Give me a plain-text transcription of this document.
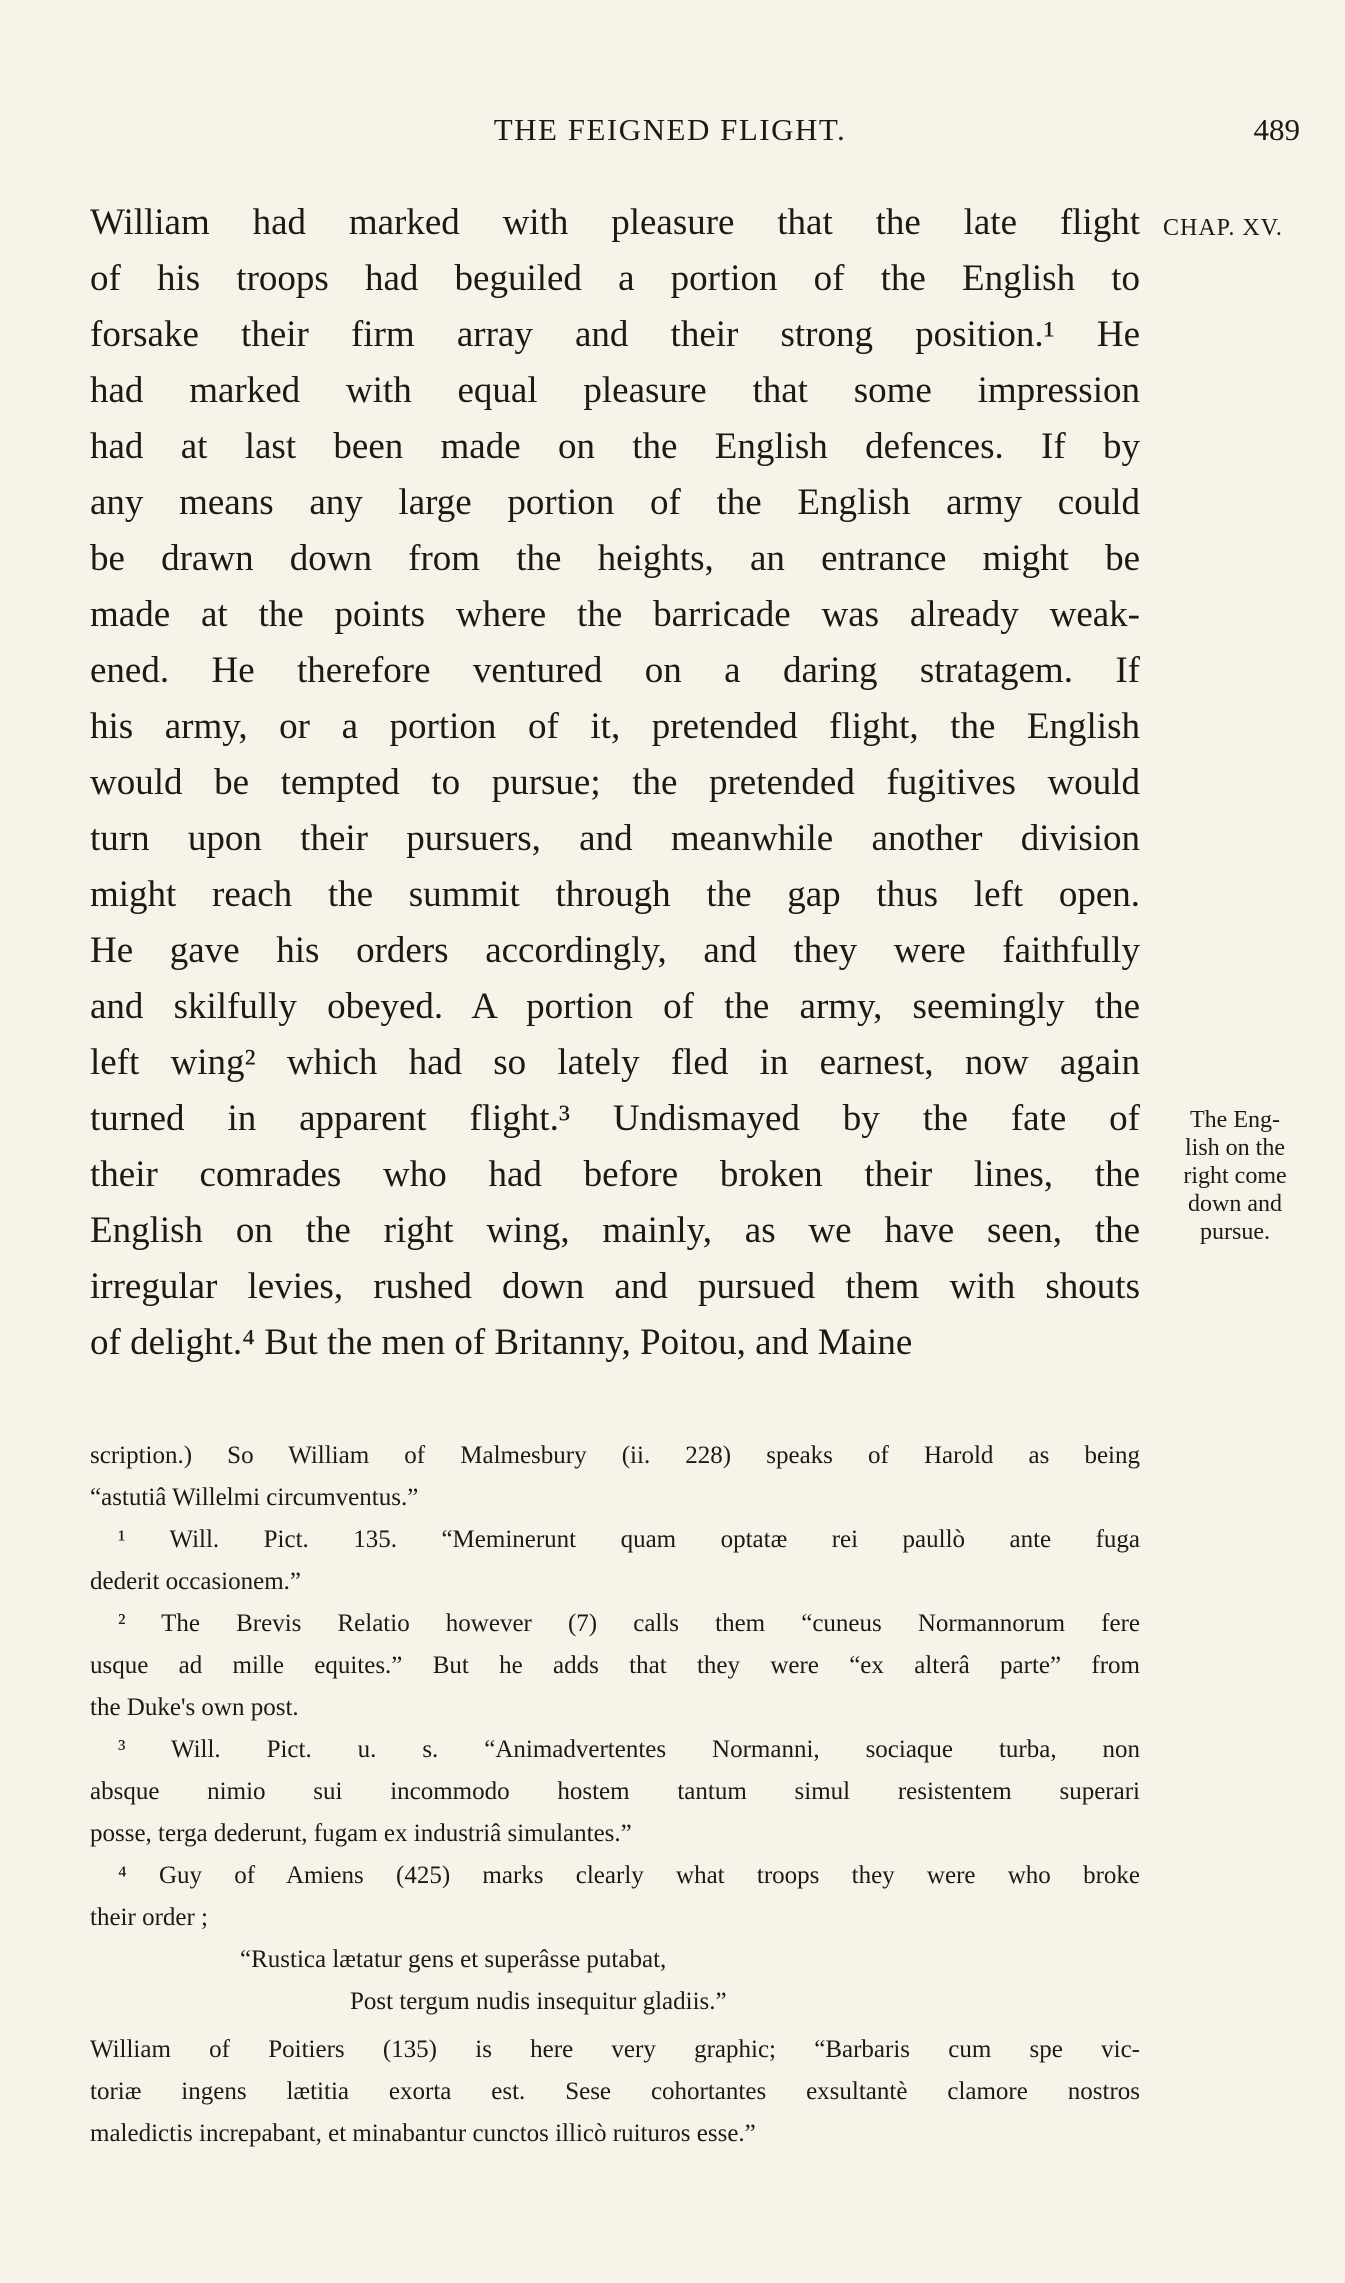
THE FEIGNED FLIGHT.	489
CHAP. XV.
The Eng-
lish on the
right come
down and
pursue.
William had marked with pleasure that the late flight
of his troops had beguiled a portion of the English to
forsake their firm array and their strong position.¹ He
had marked with equal pleasure that some impression
had at last been made on the English defences. If by
any means any large portion of the English army could
be drawn down from the heights, an entrance might be
made at the points where the barricade was already weak-
ened. He therefore ventured on a daring stratagem. If
his army, or a portion of it, pretended flight, the English
would be tempted to pursue; the pretended fugitives would
turn upon their pursuers, and meanwhile another division
might reach the summit through the gap thus left open.
He gave his orders accordingly, and they were faithfully
and skilfully obeyed. A portion of the army, seemingly the
left wing² which had so lately fled in earnest, now again
turned in apparent flight.³ Undismayed by the fate of
their comrades who had before broken their lines, the
English on the right wing, mainly, as we have seen, the
irregular levies, rushed down and pursued them with shouts
of delight.⁴ But the men of Britanny, Poitou, and Maine
scription.) So William of Malmesbury (ii. 228) speaks of Harold as being
“astutiâ Willelmi circumventus.”
¹ Will. Pict. 135. “Meminerunt quam optatæ rei paullò ante fuga
dederit occasionem.”
² The Brevis Relatio however (7) calls them “cuneus Normannorum fere
usque ad mille equites.” But he adds that they were “ex alterâ parte” from
the Duke's own post.
³ Will. Pict. u. s. “Animadvertentes Normanni, sociaque turba, non
absque nimio sui incommodo hostem tantum simul resistentem superari
posse, terga dederunt, fugam ex industriâ simulantes.”
⁴ Guy of Amiens (425) marks clearly what troops they were who broke
their order ;
“Rustica lætatur gens et superâsse putabat,
Post tergum nudis insequitur gladiis.”
William of Poitiers (135) is here very graphic; “Barbaris cum spe vic-
toriæ ingens lætitia exorta est. Sese cohortantes exsultantè clamore nostros
maledictis increpabant, et minabantur cunctos illicò ruituros esse.”
